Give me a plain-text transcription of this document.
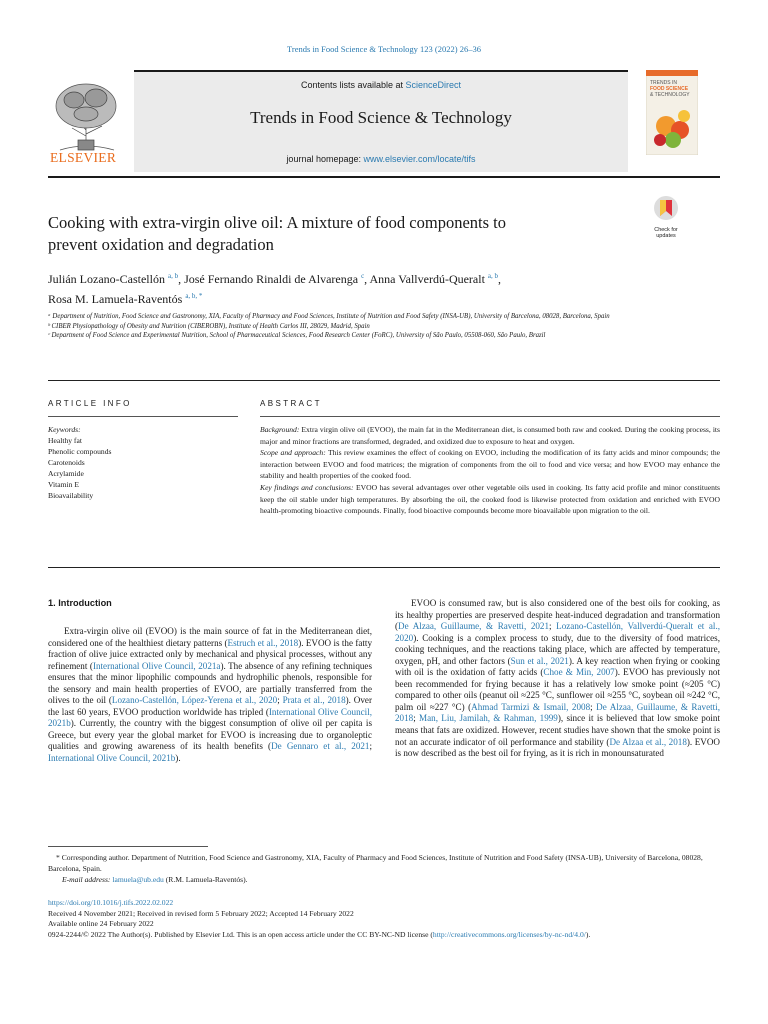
Trends in Food Science & Technology 123 (2022) 26–36
ELSEVIER
Contents lists available at ScienceDirect
Trends in Food Science & Technology
journal homepage: www.elsevier.com/locate/tifs
TRENDS IN
FOOD SCIENCE
& TECHNOLOGY
Cooking with extra-virgin olive oil: A mixture of food components to
prevent oxidation and degradation
Check for updates
Julián Lozano-Castellón $^{a, b}$, José Fernando Rinaldi de Alvarenga $^c$, Anna Vallverdú-Queralt $^{a, b}$,
Rosa M. Lamuela-Raventós $^{a, b, *}$
ᵃ Department of Nutrition, Food Science and Gastronomy, XIA, Faculty of Pharmacy and Food Sciences, Institute of Nutrition and Food Safety (INSA-UB), University of Barcelona, 08028, Barcelona, Spain
ᵇ CIBER Physiopathology of Obesity and Nutrition (CIBEROBN), Institute of Health Carlos III, 28029, Madrid, Spain
ᶜ Department of Food Science and Experimental Nutrition, School of Pharmaceutical Sciences, Food Research Center (FoRC), University of São Paulo, 05508-060, São Paulo, Brazil
ARTICLE INFO	ABSTRACT
Keywords:
Healthy fat
Phenolic compounds
Carotenoids
Acrylamide
Vitamin E
Bioavailability
Background: Extra virgin olive oil (EVOO), the main fat in the Mediterranean diet, is consumed both raw and cooked. During the cooking process, its major and minor fractions are transformed, degraded, and oxidized due to exposure to heat and oxygen.
Scope and approach: This review examines the effect of cooking on EVOO, including the modification of its fatty acids and minor compounds; the interaction between EVOO and food matrices; the migration of components from the oil to food and vice versa; and how EVOO may enhance the stability and health properties of the cooked food.
Key findings and conclusions: EVOO has several advantages over other vegetable oils used in cooking. Its fatty acid profile and minor constituents keep the oil stable under high temperatures. By absorbing the oil, the cooked food is likewise protected from oxidation and enriched with EVOO health-promoting bioactive compounds. Finally, food bioactive compounds become more bioavailable upon migration to the oil.
1. Introduction
Extra-virgin olive oil (EVOO) is the main source of fat in the Mediterranean diet, considered one of the healthiest dietary patterns (Estruch et al., 2018). EVOO is the fatty fraction of olive juice extracted only by mechanical and physical processes, without any refinement (International Olive Council, 2021a). The absence of any refining techniques ensures that the minor lipophilic compounds and hydrophilic phenols, responsible for the sensory and main health properties of EVOO, are partially transferred from the olives to the oil (Lozano-Castellón, López-Yerena et al., 2020; Prata et al., 2018). Over the last 60 years, EVOO production worldwide has tripled (International Olive Council, 2021b). Currently, the country with the biggest consumption of olive oil per capita is Greece, but every year the global market for EVOO is increasing due to organoleptic qualities and growing awareness of its health benefits (De Gennaro et al., 2021; International Olive Council, 2021b).
EVOO is consumed raw, but is also considered one of the best oils for cooking, as its healthy properties are preserved despite heat-induced degradation and transformation (De Alzaa, Guillaume, & Ravetti, 2021; Lozano-Castellón, Vallverdú-Queralt et al., 2020). Cooking is a complex process to study, due to the diversity of food matrices, cooking techniques, and the reactions taking place, which are affected by temperature, oxygen, pH, and other factors (Sun et al., 2021). A key reaction when frying or cooking with oil is the oxidation of fatty acids (Choe & Min, 2007). EVOO has previously not been recommended for frying because it has a relatively low smoke point (≈205 °C) compared to other oils (peanut oil ≈225 °C, sunflower oil ≈255 °C, soybean oil ≈242 °C, palm oil ≈227 °C) (Ahmad Tarmizi & Ismail, 2008; De Alzaa, Guillaume, & Ravetti, 2018; Man, Liu, Jamilah, & Rahman, 1999), since it is believed that low smoke point means that fats are oxidized. However, recent studies have shown that the smoke point is not an accurate indicator of oil performance and stability (De Alzaa et al., 2018). EVOO is now described as the best oil for frying, as it is rich in monounsaturated
* Corresponding author. Department of Nutrition, Food Science and Gastronomy, XIA, Faculty of Pharmacy and Food Sciences, Institute of Nutrition and Food Safety (INSA-UB), University of Barcelona, 08028, Barcelona, Spain.
E-mail address: lamuela@ub.edu (R.M. Lamuela-Raventós).
https://doi.org/10.1016/j.tifs.2022.02.022
Received 4 November 2021; Received in revised form 5 February 2022; Accepted 14 February 2022
Available online 24 February 2022
0924-2244/© 2022 The Author(s). Published by Elsevier Ltd. This is an open access article under the CC BY-NC-ND license (http://creativecommons.org/licenses/by-nc-nd/4.0/).
